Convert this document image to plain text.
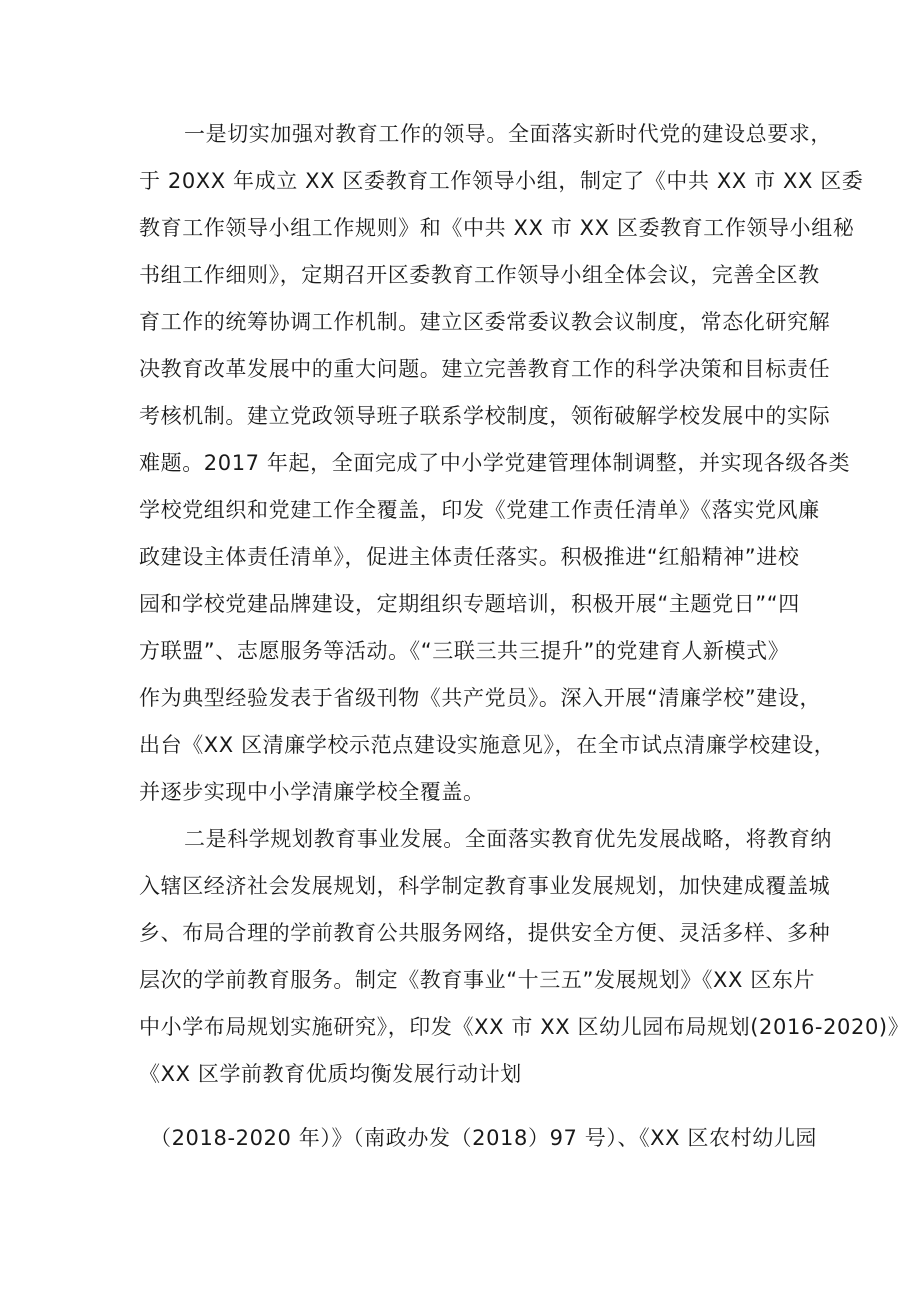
一是切实加强对教育工作的领导。全面落实新时代党的建设总要求，
于 20XX 年成立 XX 区委教育工作领导小组，制定了《中共 XX 市 XX 区委
教育工作领导小组工作规则》和《中共 XX 市 XX 区委教育工作领导小组秘
书组工作细则》，定期召开区委教育工作领导小组全体会议，完善全区教
育工作的统筹协调工作机制。建立区委常委议教会议制度，常态化研究解
决教育改革发展中的重大问题。建立完善教育工作的科学决策和目标责任
考核机制。建立党政领导班子联系学校制度，领衔破解学校发展中的实际
难题。2017 年起，全面完成了中小学党建管理体制调整，并实现各级各类
学校党组织和党建工作全覆盖，印发《党建工作责任清单》《落实党风廉
政建设主体责任清单》，促进主体责任落实。积极推进“红船精神”进校
园和学校党建品牌建设，定期组织专题培训，积极开展“主题党日”“四
方联盟”、志愿服务等活动。《“三联三共三提升”的党建育人新模式》
作为典型经验发表于省级刊物《共产党员》。深入开展“清廉学校”建设，
出台《XX 区清廉学校示范点建设实施意见》，在全市试点清廉学校建设，
并逐步实现中小学清廉学校全覆盖。
二是科学规划教育事业发展。全面落实教育优先发展战略，将教育纳
入辖区经济社会发展规划，科学制定教育事业发展规划，加快建成覆盖城
乡、布局合理的学前教育公共服务网络，提供安全方便、灵活多样、多种
层次的学前教育服务。制定《教育事业“十三五”发展规划》《XX 区东片
中小学布局规划实施研究》，印发《XX 市 XX 区幼儿园布局规划(2016-2020)》
《XX 区学前教育优质均衡发展行动计划
（2018-2020 年）》（南政办发（2018）97 号）、《XX 区农村幼儿园
